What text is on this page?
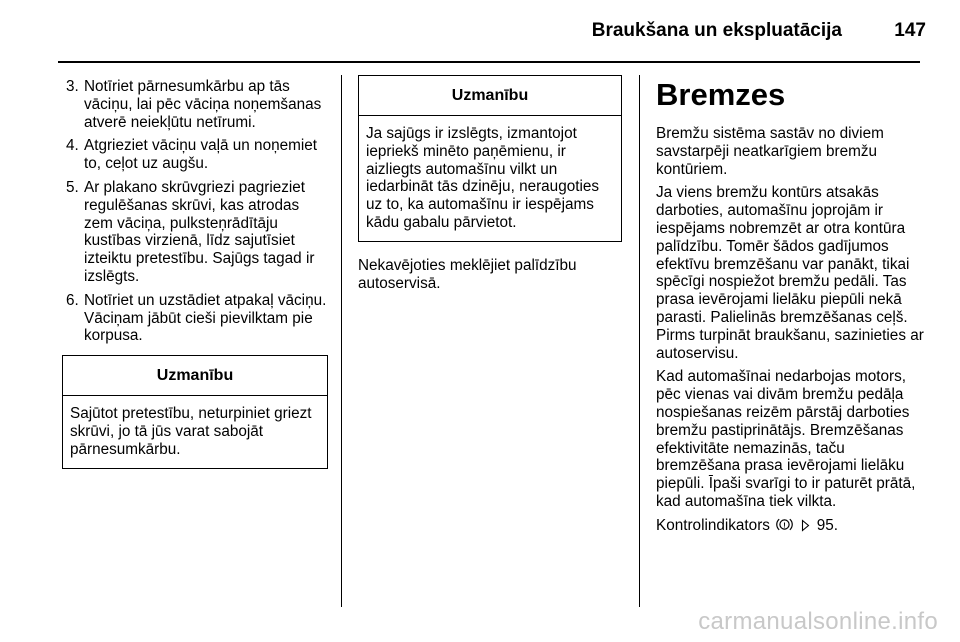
Braukšana un ekspluatācija	147
3. Notīriet pārnesumkārbu ap tās vāciņu, lai pēc vāciņa noņemšanas atverē neiekļūtu netīrumi.
4. Atgrieziet vāciņu vaļā un noņemiet to, ceļot uz augšu.
5. Ar plakano skrūvgriezi pagrieziet regulēšanas skrūvi, kas atrodas zem vāciņa, pulksteņrādītāju kustības virzienā, līdz sajutīsiet izteiktu pretestību. Sajūgs tagad ir izslēgts.
6. Notīriet un uzstādiet atpakaļ vāciņu. Vāciņam jābūt cieši pievilktam pie korpusa.
Uzmanību
Sajūtot pretestību, neturpiniet griezt skrūvi, jo tā jūs varat sabojāt pārnesumkārbu.
Uzmanību
Ja sajūgs ir izslēgts, izmantojot iepriekš minēto paņēmienu, ir aizliegts automašīnu vilkt un iedarbināt tās dzinēju, neraugoties uz to, ka automašīnu ir iespējams kādu gabalu pārvietot.

Nekavējoties meklējiet palīdzību autoservisā.

Bremzes

Bremžu sistēma sastāv no diviem savstarpēji neatkarīgiem bremžu kontūriem.

Ja viens bremžu kontūrs atsakās darboties, automašīnu joprojām ir iespējams nobremzēt ar otra kontūra palīdzību. Tomēr šādos gadījumos efektīvu bremzēšanu var panākt, tikai spēcīgi nospiežot bremžu pedāli. Tas prasa ievērojami lielāku piepūli nekā parasti. Palielinās bremzēšanas ceļš. Pirms turpināt braukšanu, sazinieties ar autoservisu.

Kad automašīnai nedarbojas motors, pēc vienas vai divām bremžu pedāļa nospiešanas reizēm pārstāj darboties bremžu pastiprinātājs. Bremzēšanas efektivitāte nemazinās, taču bremzēšana prasa ievērojami lielāku piepūli. Īpaši svarīgi to ir paturēt prātā, kad automašīna tiek vilkta.

Kontrolindikators ! 95.

carmanualsonline.info
